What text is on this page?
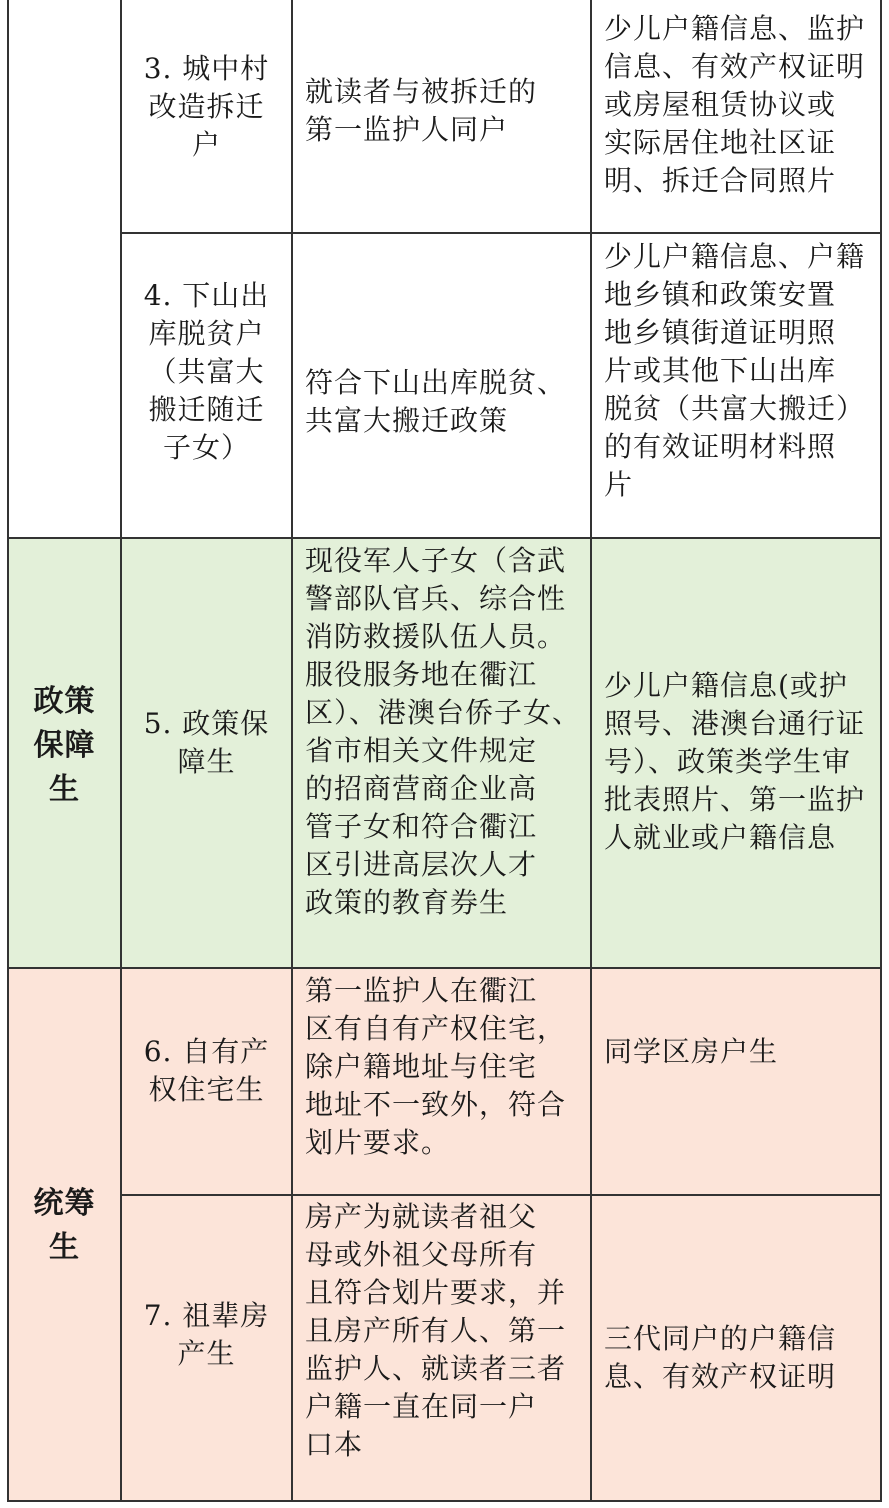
3. 城中村
改造拆迁
户
就读者与被拆迁的
第一监护人同户
少儿户籍信息、监护
信息、有效产权证明
或房屋租赁协议或
实际居住地社区证
明、拆迁合同照片
4. 下山出
库脱贫户
（共富大
搬迁随迁
子女）
符合下山出库脱贫、
共富大搬迁政策
少儿户籍信息、户籍
地乡镇和政策安置
地乡镇街道证明照
片或其他下山出库
脱贫（共富大搬迁）
的有效证明材料照
片
政策
保障
生
5. 政策保
障生
现役军人子女（含武
警部队官兵、综合性
消防救援队伍人员。
服役服务地在衢江
区）、港澳台侨子女、
省市相关文件规定
的招商营商企业高
管子女和符合衢江
区引进高层次人才
政策的教育券生
少儿户籍信息(或护
照号、港澳台通行证
号）、政策类学生审
批表照片、第一监护
人就业或户籍信息
统筹
生
6. 自有产
权住宅生
第一监护人在衢江
区有自有产权住宅，
除户籍地址与住宅
地址不一致外，符合
划片要求。
同学区房户生
7. 祖辈房
产生
房产为就读者祖父
母或外祖父母所有
且符合划片要求，并
且房产所有人、第一
监护人、就读者三者
户籍一直在同一户
口本
三代同户的户籍信
息、有效产权证明
